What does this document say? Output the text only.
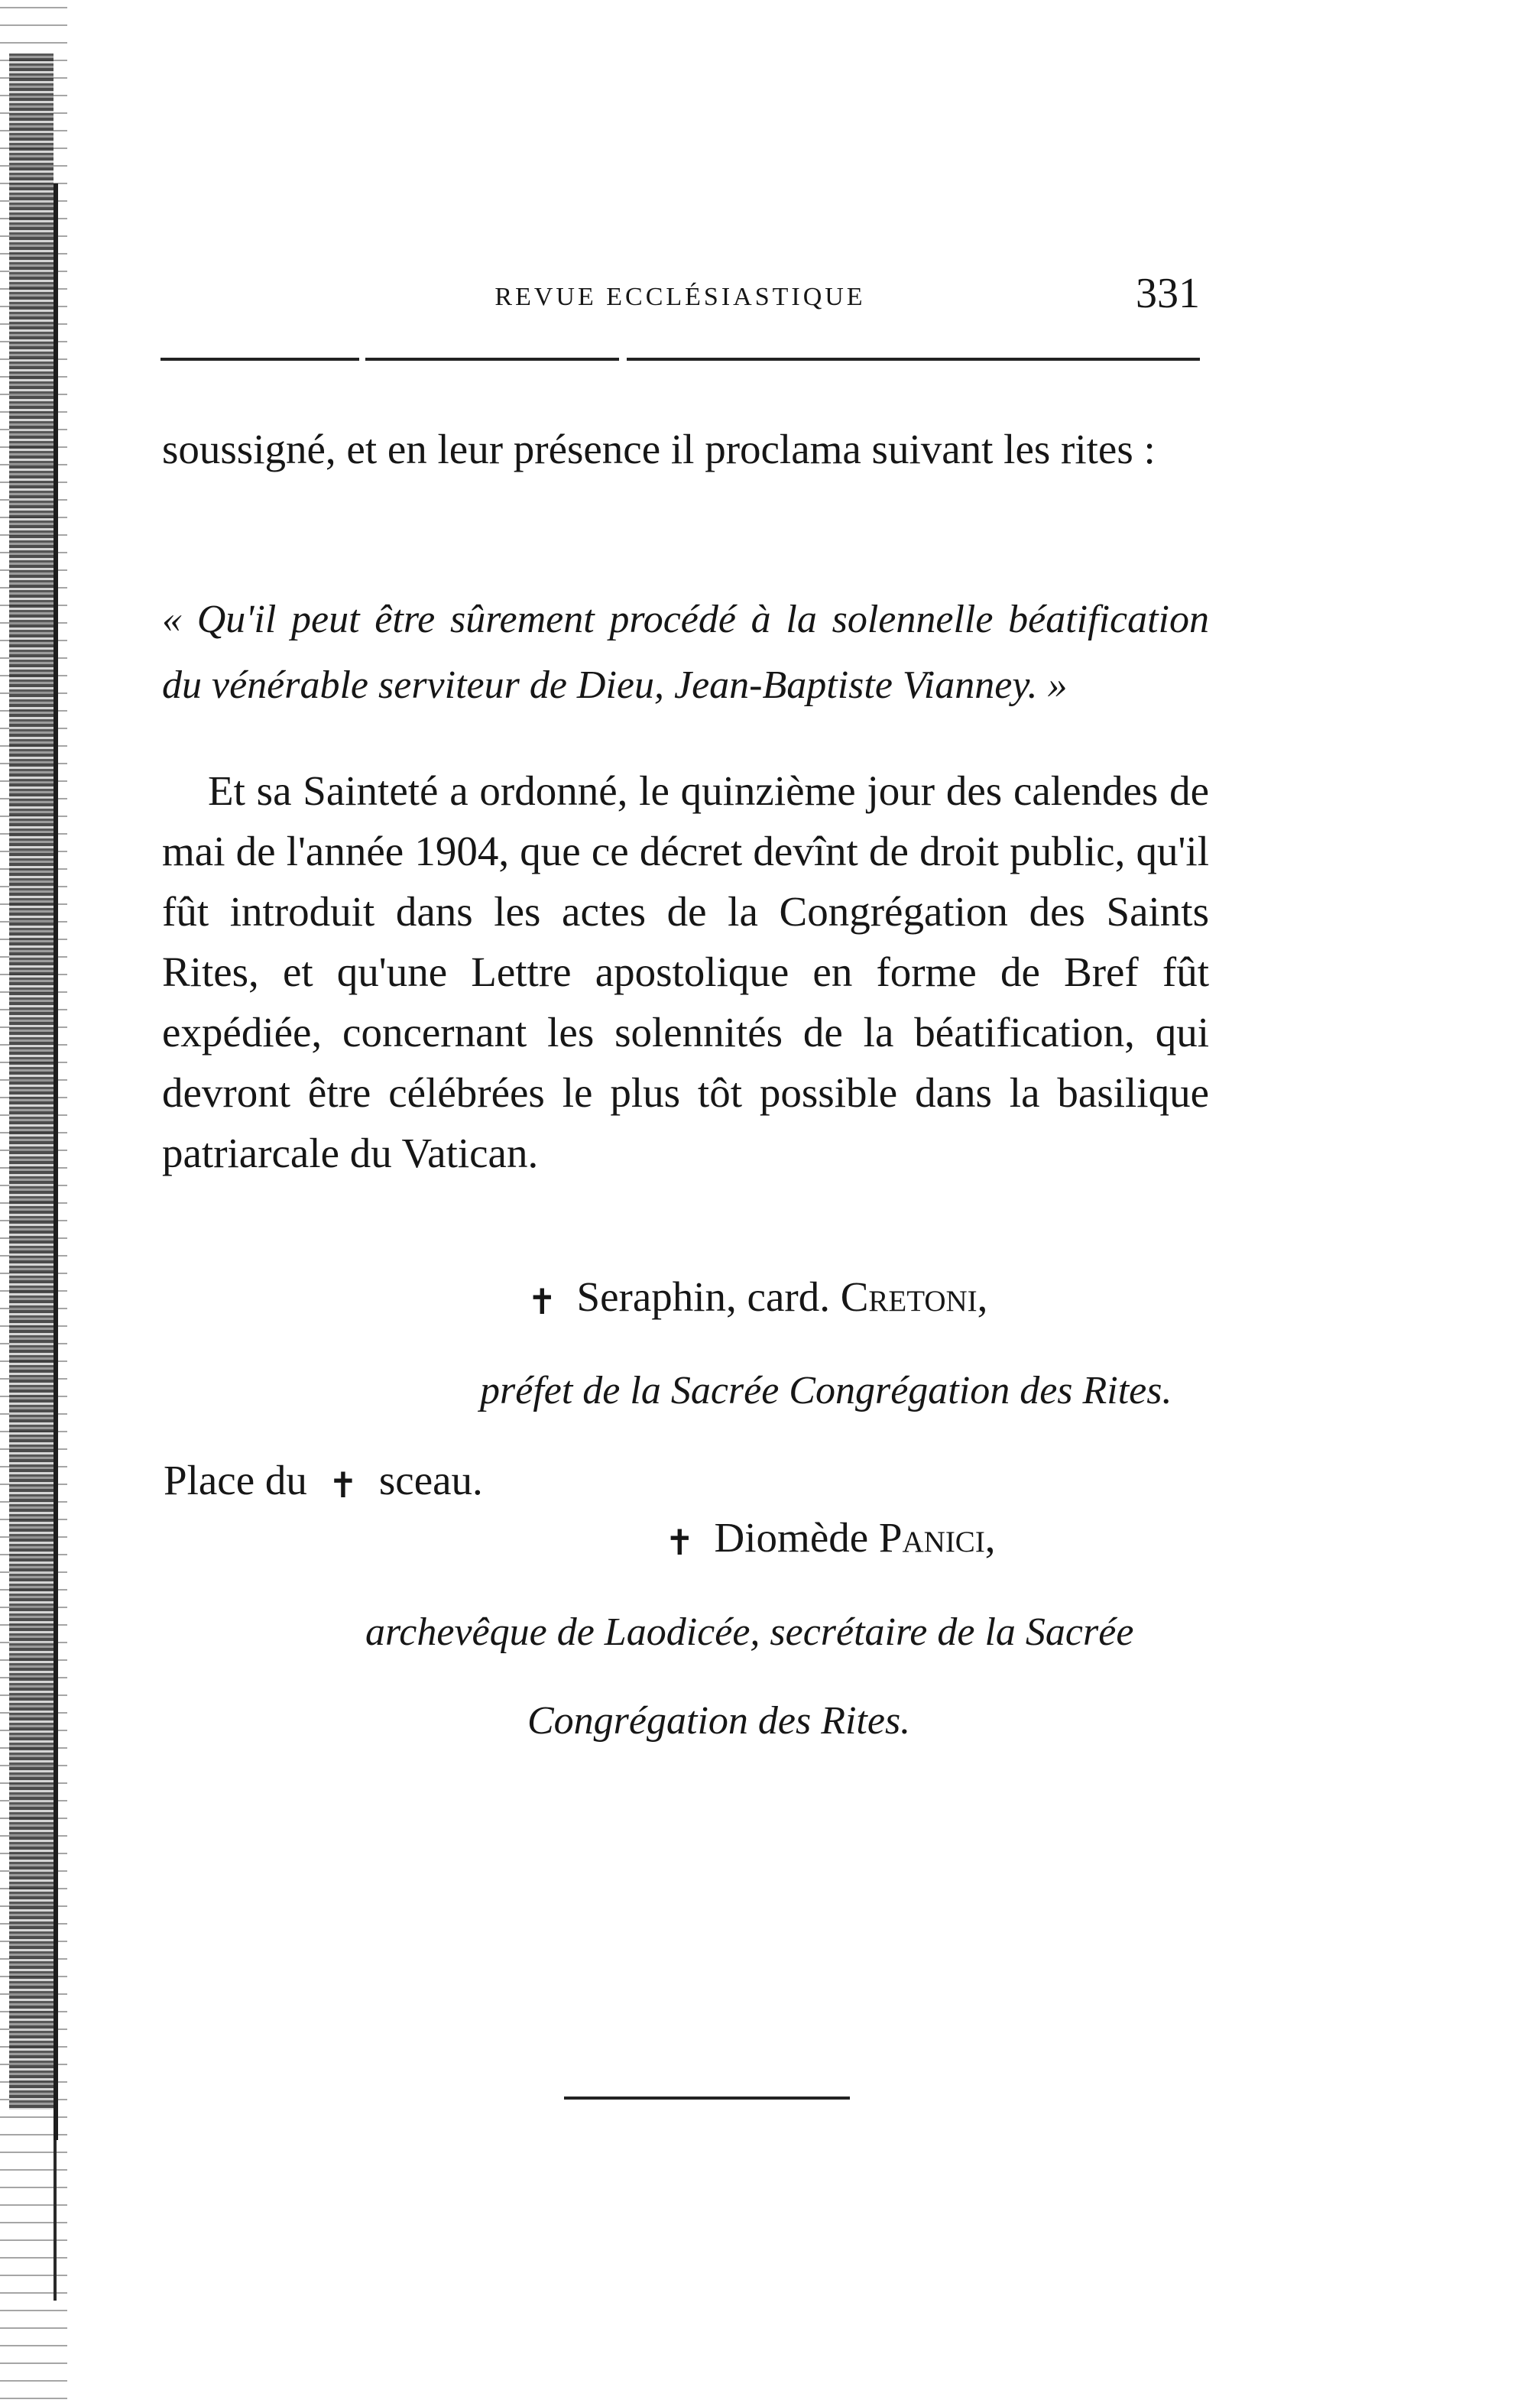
REVUE ECCLÉSIASTIQUE	331

soussigné, et en leur présence il proclama suivant les rites :

« Qu'il peut être sûrement procédé à la solennelle béatification du vénérable serviteur de Dieu, Jean-Baptiste Vianney. »

Et sa Sainteté a ordonné, le quinzième jour des calendes de mai de l'année 1904, que ce décret devînt de droit public, qu'il fût introduit dans les actes de la Congrégation des Saints Rites, et qu'une Lettre apostolique en forme de Bref fût expédiée, concernant les solennités de la béatification, qui devront être célébrées le plus tôt possible dans la basilique patriarcale du Vatican.

✝ Seraphin, card. Cretoni,
préfet de la Sacrée Congrégation des Rites.
Place du ✝ sceau.
✝ Diomède Panici,
archevêque de Laodicée, secrétaire de la Sacrée
Congrégation des Rites.
